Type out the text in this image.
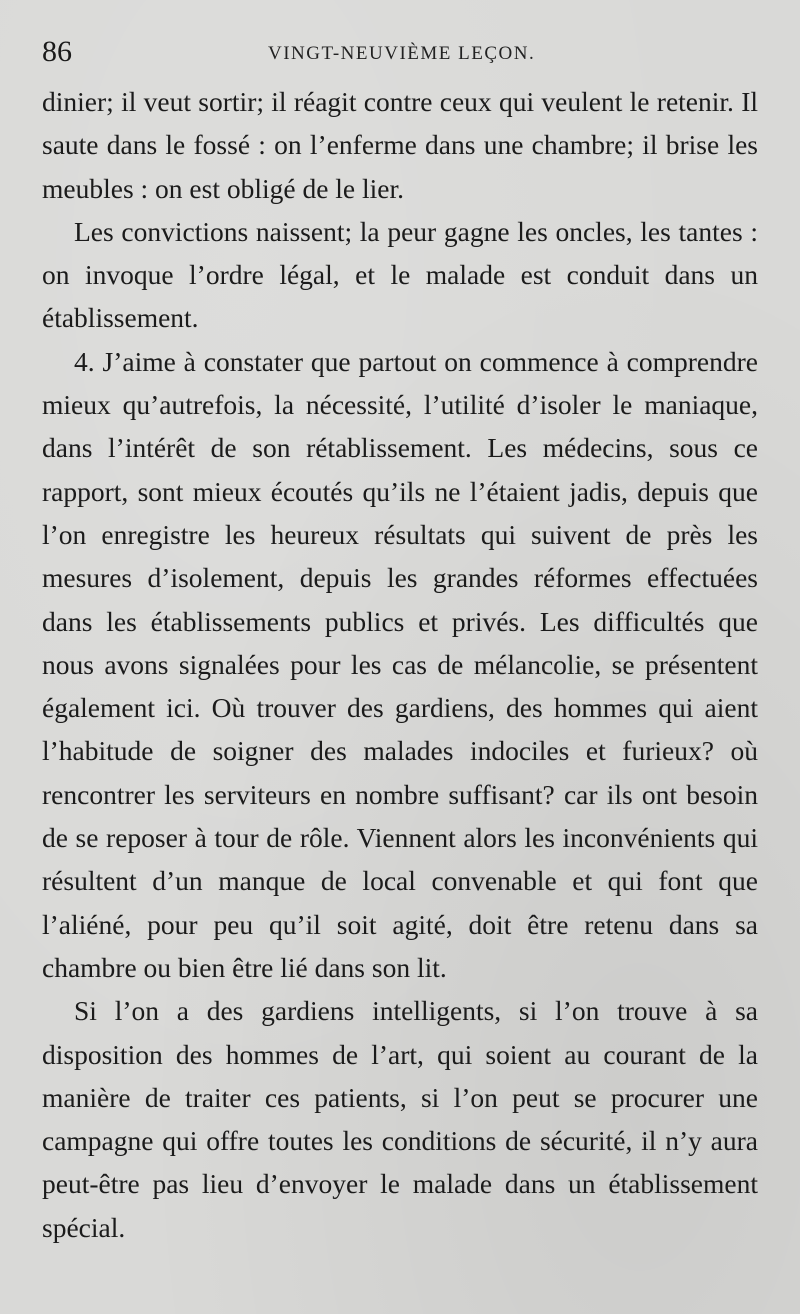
86	VINGT-NEUVIÈME LEÇON.

dinier; il veut sortir; il réagit contre ceux qui veulent le retenir. Il saute dans le fossé : on l’enferme dans une chambre; il brise les meubles : on est obligé de le lier.

Les convictions naissent; la peur gagne les oncles, les tantes : on invoque l’ordre légal, et le malade est conduit dans un établissement.

4. J’aime à constater que partout on commence à comprendre mieux qu’autrefois, la nécessité, l’utilité d’isoler le maniaque, dans l’intérêt de son rétablissement. Les médecins, sous ce rapport, sont mieux écoutés qu’ils ne l’étaient jadis, depuis que l’on enregistre les heureux résultats qui suivent de près les mesures d’isolement, depuis les grandes réformes effectuées dans les établissements publics et privés. Les difficultés que nous avons signalées pour les cas de mélancolie, se présentent également ici. Où trouver des gardiens, des hommes qui aient l’habitude de soigner des malades indociles et furieux? où rencontrer les serviteurs en nombre suffisant? car ils ont besoin de se reposer à tour de rôle. Viennent alors les inconvénients qui résultent d’un manque de local convenable et qui font que l’aliéné, pour peu qu’il soit agité, doit être retenu dans sa chambre ou bien être lié dans son lit.

Si l’on a des gardiens intelligents, si l’on trouve à sa disposition des hommes de l’art, qui soient au courant de la manière de traiter ces patients, si l’on peut se procurer une campagne qui offre toutes les conditions de sécurité, il n’y aura peut-être pas lieu d’envoyer le malade dans un établissement spécial.
